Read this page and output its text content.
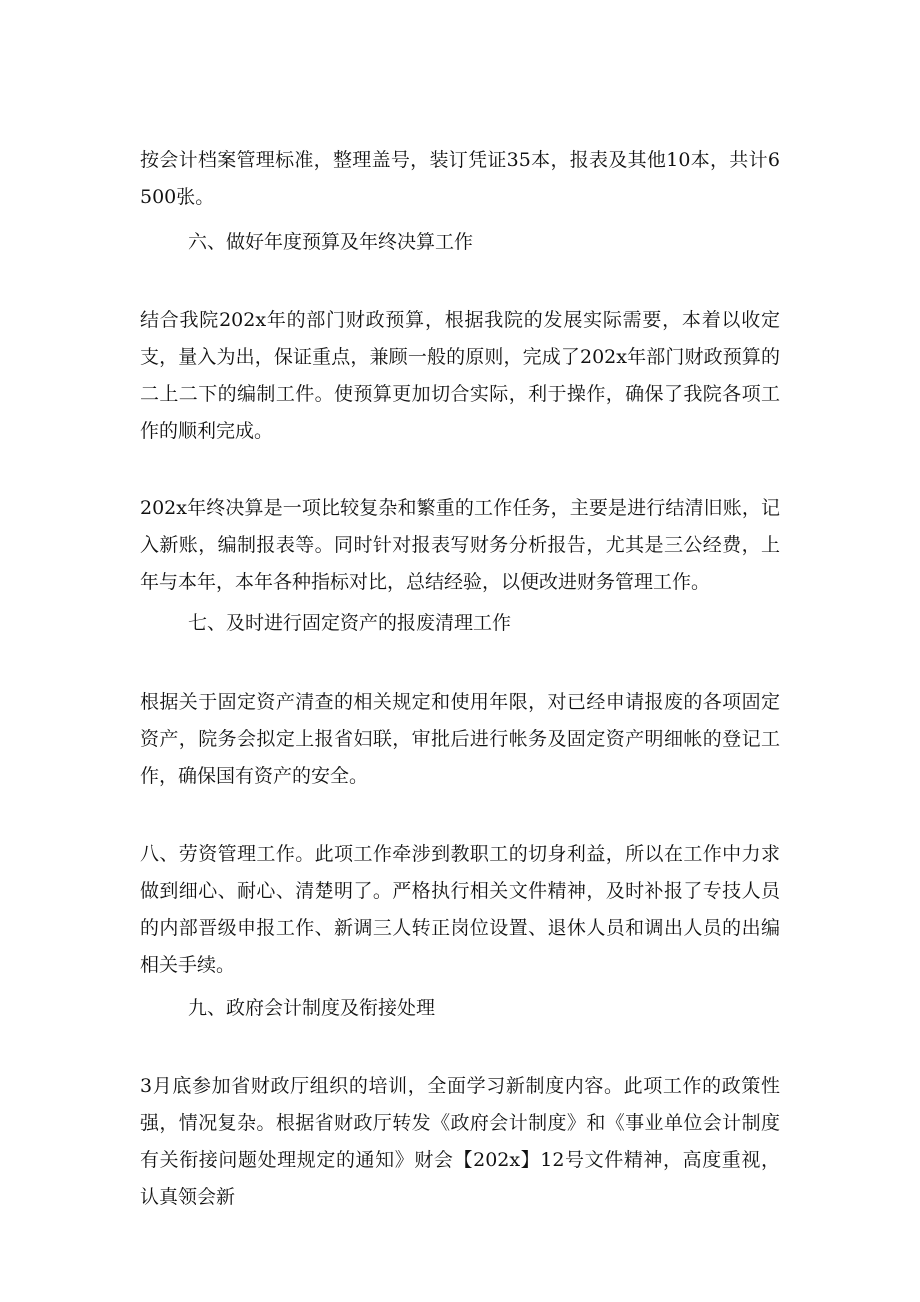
按会计档案管理标准，整理盖号，装订凭证35本，报表及其他10本，共计6500张。

六、做好年度预算及年终决算工作

结合我院202x年的部门财政预算，根据我院的发展实际需要，本着以收定支，量入为出，保证重点，兼顾一般的原则，完成了202x年部门财政预算的二上二下的编制工件。使预算更加切合实际，利于操作，确保了我院各项工作的顺利完成。

202x年终决算是一项比较复杂和繁重的工作任务，主要是进行结清旧账，记入新账，编制报表等。同时针对报表写财务分析报告，尤其是三公经费，上年与本年，本年各种指标对比，总结经验，以便改进财务管理工作。

七、及时进行固定资产的报废清理工作

根据关于固定资产清查的相关规定和使用年限，对已经申请报废的各项固定资产，院务会拟定上报省妇联，审批后进行帐务及固定资产明细帐的登记工作，确保国有资产的安全。

八、劳资管理工作。此项工作牵涉到教职工的切身利益，所以在工作中力求做到细心、耐心、清楚明了。严格执行相关文件精神，及时补报了专技人员的内部晋级申报工作、新调三人转正岗位设置、退休人员和调出人员的出编相关手续。

九、政府会计制度及衔接处理

3月底参加省财政厅组织的培训，全面学习新制度内容。此项工作的政策性强，情况复杂。根据省财政厅转发《政府会计制度》和《事业单位会计制度有关衔接问题处理规定的通知》财会【202x】12号文件精神，高度重视，认真领会新
